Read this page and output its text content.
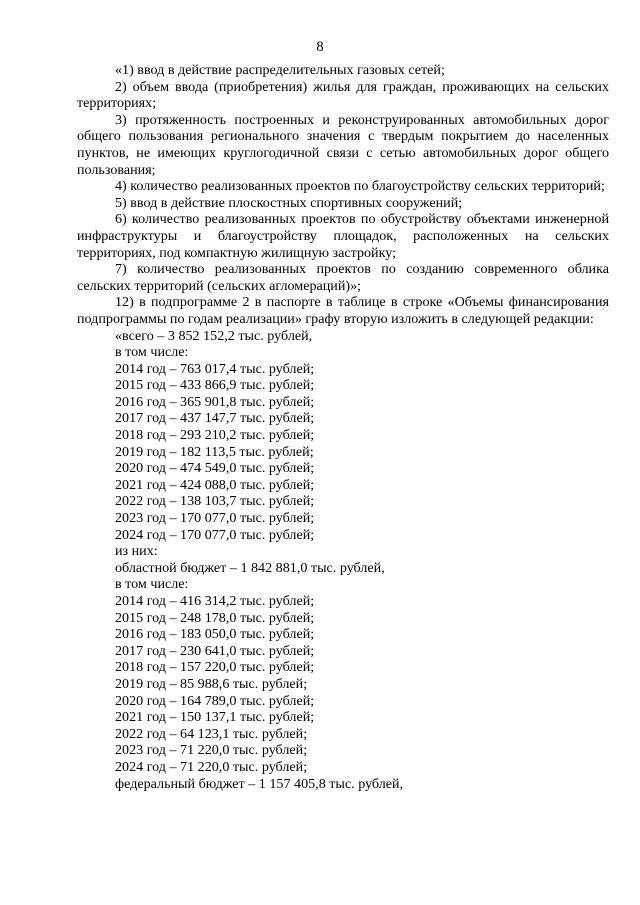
8

«1) ввод в действие распределительных газовых сетей;

2) объем ввода (приобретения) жилья для граждан, проживающих на сельских территориях;

3) протяженность построенных и реконструированных автомобильных дорог общего пользования регионального значения с твердым покрытием до населенных пунктов, не имеющих круглогодичной связи с сетью автомобильных дорог общего пользования;

4) количество реализованных проектов по благоустройству сельских территорий;

5) ввод в действие плоскостных спортивных сооружений;

6) количество реализованных проектов по обустройству объектами инженерной инфраструктуры и благоустройству площадок, расположенных на сельских территориях, под компактную жилищную застройку;

7) количество реализованных проектов по созданию современного облика сельских территорий (сельских агломераций)»;

12) в подпрограмме 2 в паспорте в таблице в строке «Объемы финансирования подпрограммы по годам реализации» графу вторую изложить в следующей редакции:

«всего – 3 852 152,2 тыс. рублей,

в том числе:

2014 год – 763 017,4 тыс. рублей;

2015 год – 433 866,9 тыс. рублей;

2016 год – 365 901,8 тыс. рублей;

2017 год – 437 147,7 тыс. рублей;

2018 год – 293 210,2 тыс. рублей;

2019 год – 182 113,5 тыс. рублей;

2020 год – 474 549,0 тыс. рублей;

2021 год – 424 088,0 тыс. рублей;

2022 год – 138 103,7 тыс. рублей;

2023 год – 170 077,0 тыс. рублей;

2024 год – 170 077,0 тыс. рублей;

из них:

областной бюджет – 1 842 881,0 тыс. рублей,

в том числе:

2014 год – 416 314,2 тыс. рублей;

2015 год – 248 178,0 тыс. рублей;

2016 год – 183 050,0 тыс. рублей;

2017 год – 230 641,0 тыс. рублей;

2018 год – 157 220,0 тыс. рублей;

2019 год – 85 988,6 тыс. рублей;

2020 год – 164 789,0 тыс. рублей;

2021 год – 150 137,1 тыс. рублей;

2022 год – 64 123,1 тыс. рублей;

2023 год – 71 220,0 тыс. рублей;

2024 год – 71 220,0 тыс. рублей;

федеральный бюджет – 1 157 405,8 тыс. рублей,
